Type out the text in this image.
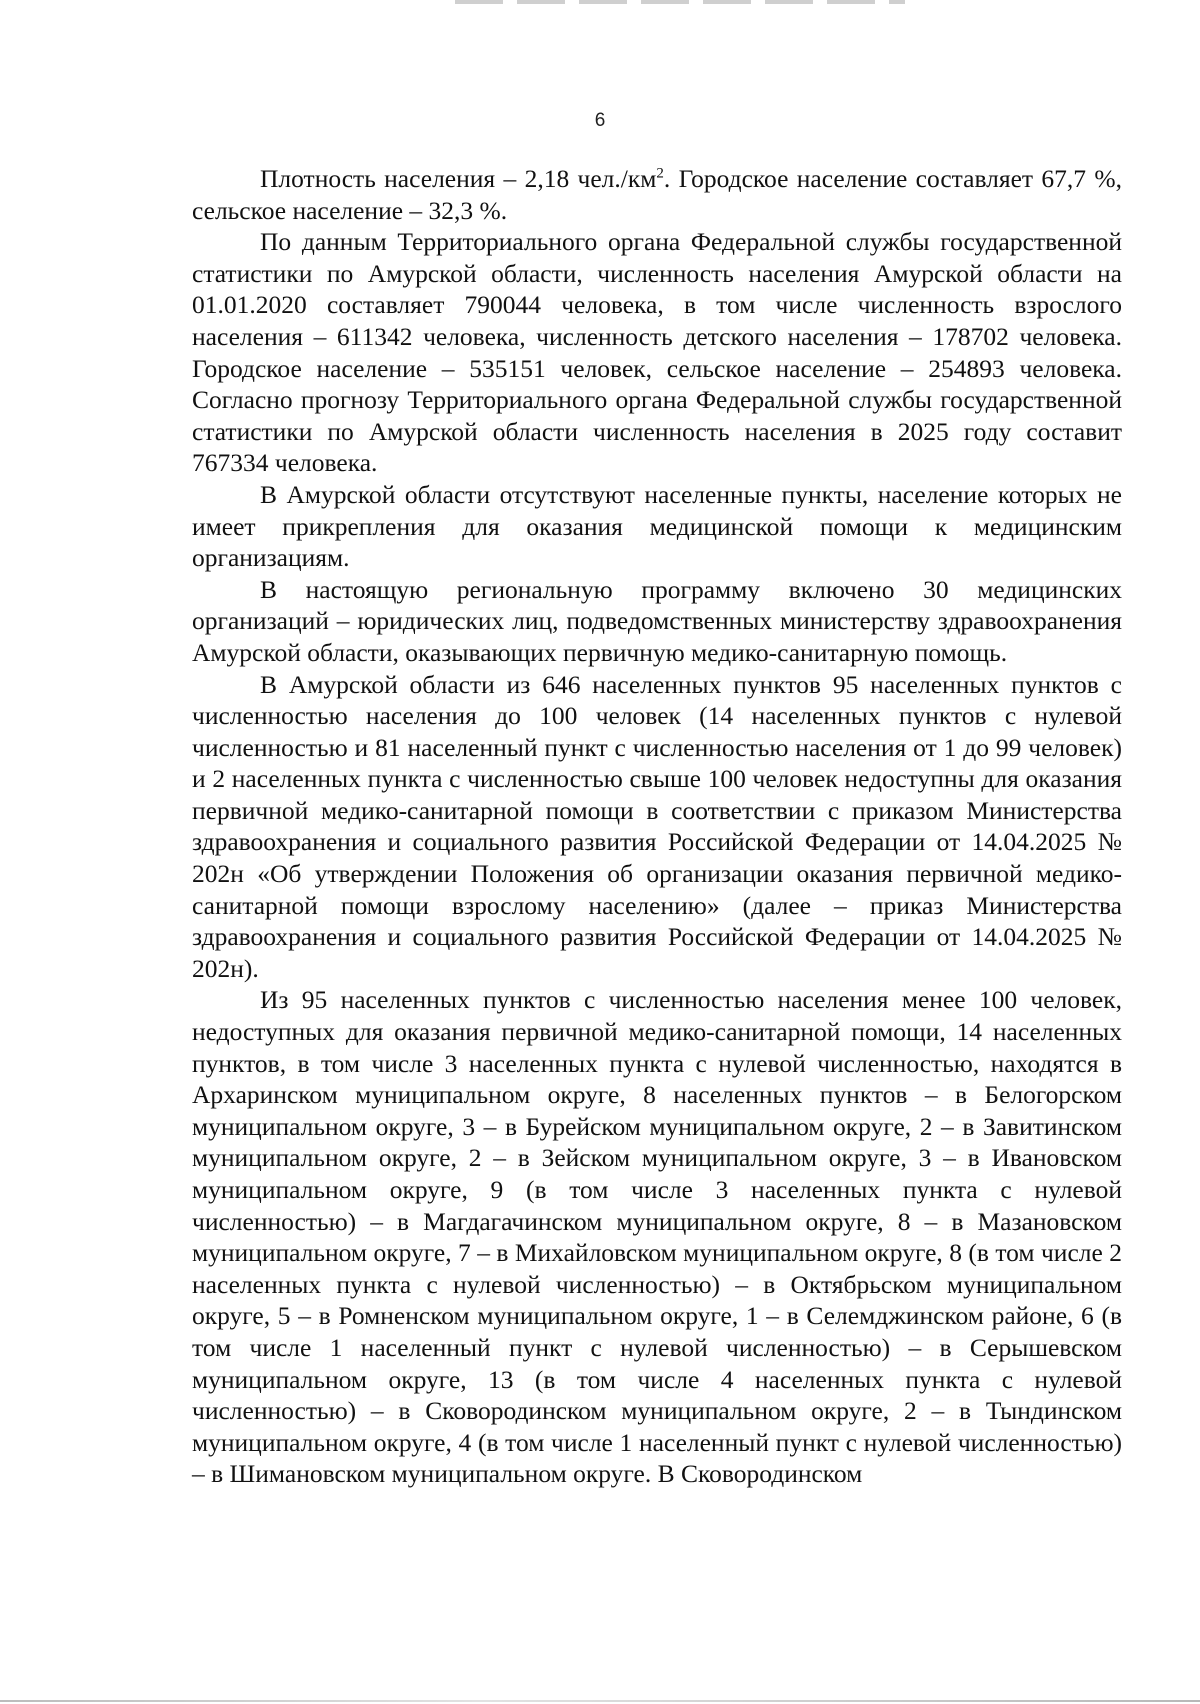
6

Плотность населения – 2,18 $чел./км^2$. Городское население составляет 67,7 %, сельское население – 32,3 %.

По данным Территориального органа Федеральной службы государственной статистики по Амурской области, численность населения Амурской области на 01.01.2020 составляет 790044 человека, в том числе численность взрослого населения – 611342 человека, численность детского населения – 178702 человека. Городское население – 535151 человек, сельское население – 254893 человека. Согласно прогнозу Территориального органа Федеральной службы государственной статистики по Амурской области численность населения в 2025 году составит 767334 человека.

В Амурской области отсутствуют населенные пункты, население которых не имеет прикрепления для оказания медицинской помощи к медицинским организациям.

В настоящую региональную программу включено 30 медицинских организаций – юридических лиц, подведомственных министерству здравоохранения Амурской области, оказывающих первичную медико-санитарную помощь.

В Амурской области из 646 населенных пунктов 95 населенных пунктов с численностью населения до 100 человек (14 населенных пунктов с нулевой численностью и 81 населенный пункт с численностью населения от 1 до 99 человек) и 2 населенных пункта с численностью свыше 100 человек недоступны для оказания первичной медико-санитарной помощи в соответствии с приказом Министерства здравоохранения и социального развития Российской Федерации от 14.04.2025 № 202н «Об утверждении Положения об организации оказания первичной медико-санитарной помощи взрослому населению» (далее – приказ Министерства здравоохранения и социального развития Российской Федерации от 14.04.2025 № 202н).

Из 95 населенных пунктов с численностью населения менее 100 человек, недоступных для оказания первичной медико-санитарной помощи, 14 населенных пунктов, в том числе 3 населенных пункта с нулевой численностью, находятся в Архаринском муниципальном округе, 8 населенных пунктов – в Белогорском муниципальном округе, 3 – в Бурейском муниципальном округе, 2 – в Завитинском муниципальном округе, 2 – в Зейском муниципальном округе, 3 – в Ивановском муниципальном округе, 9 (в том числе 3 населенных пункта с нулевой численностью) – в Магдагачинском муниципальном округе, 8 – в Мазановском муниципальном округе, 7 – в Михайловском муниципальном округе, 8 (в том числе 2 населенных пункта с нулевой численностью) – в Октябрьском муниципальном округе, 5 – в Ромненском муниципальном округе, 1 – в Селемджинском районе, 6 (в том числе 1 населенный пункт с нулевой численностью) – в Серышевском муниципальном округе, 13 (в том числе 4 населенных пункта с нулевой численностью) – в Сковородинском муниципальном округе, 2 – в Тындинском муниципальном округе, 4 (в том числе 1 населенный пункт с нулевой численностью) – в Шимановском муниципальном округе. В Сковородинском
